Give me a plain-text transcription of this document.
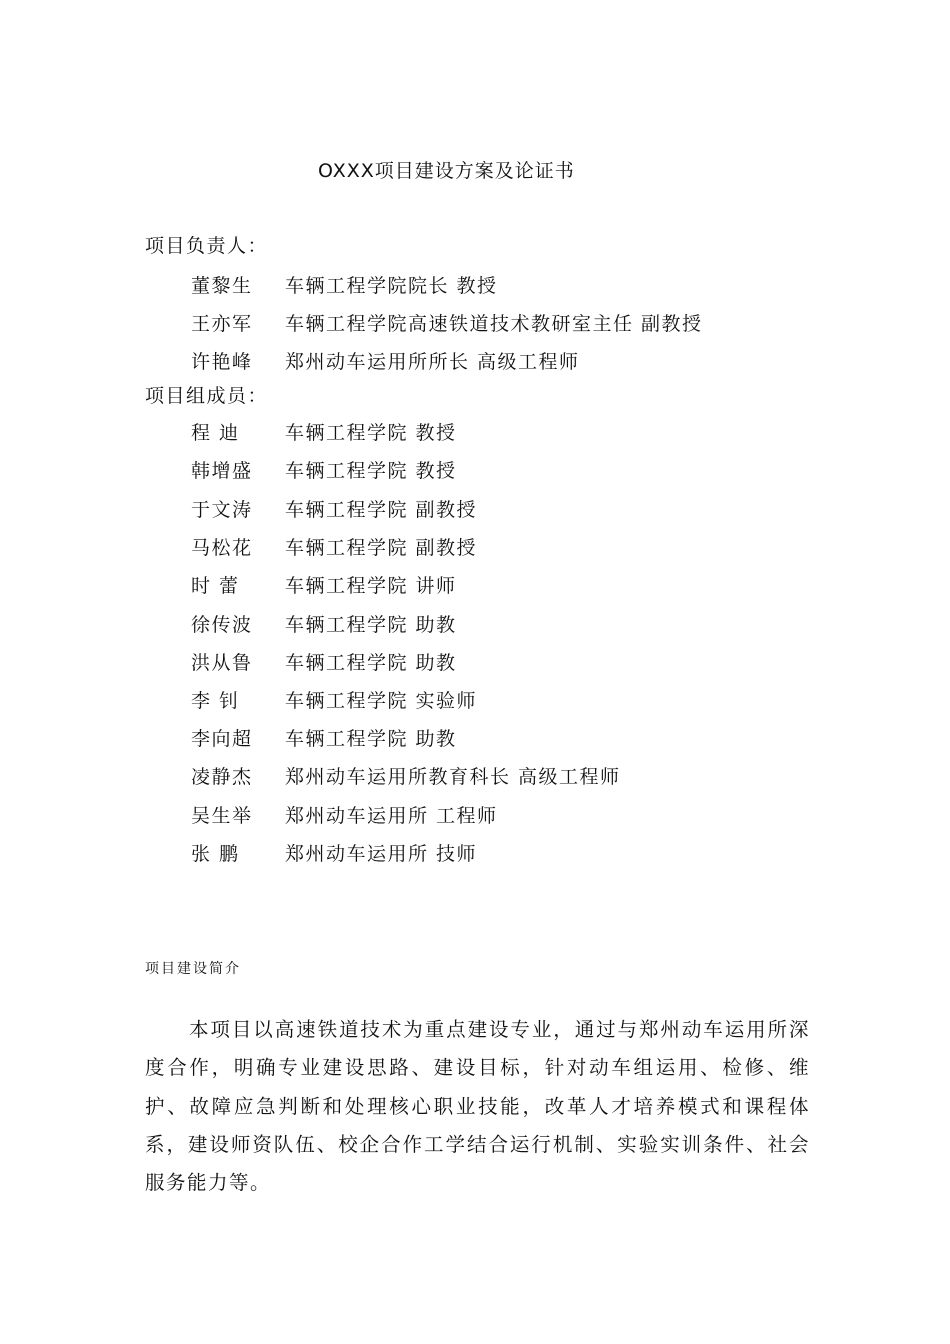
OXXX项目建设方案及论证书
项目负责人：
董黎生	车辆工程学院院长 教授
王亦军	车辆工程学院高速铁道技术教研室主任 副教授
许艳峰	郑州动车运用所所长 高级工程师
项目组成员：
程 迪	车辆工程学院 教授
韩增盛	车辆工程学院 教授
于文涛	车辆工程学院 副教授
马松花	车辆工程学院 副教授
时 蕾	车辆工程学院 讲师
徐传波	车辆工程学院 助教
洪从鲁	车辆工程学院 助教
李 钊	车辆工程学院 实验师
李向超	车辆工程学院 助教
凌静杰	郑州动车运用所教育科长 高级工程师
吴生举	郑州动车运用所 工程师
张 鹏	郑州动车运用所 技师
项目建设简介

本项目以高速铁道技术为重点建设专业，通过与郑州动车运用所深度合作，明确专业建设思路、建设目标，针对动车组运用、检修、维护、故障应急判断和处理核心职业技能，改革人才培养模式和课程体系，建设师资队伍、校企合作工学结合运行机制、实验实训条件、社会服务能力等。
